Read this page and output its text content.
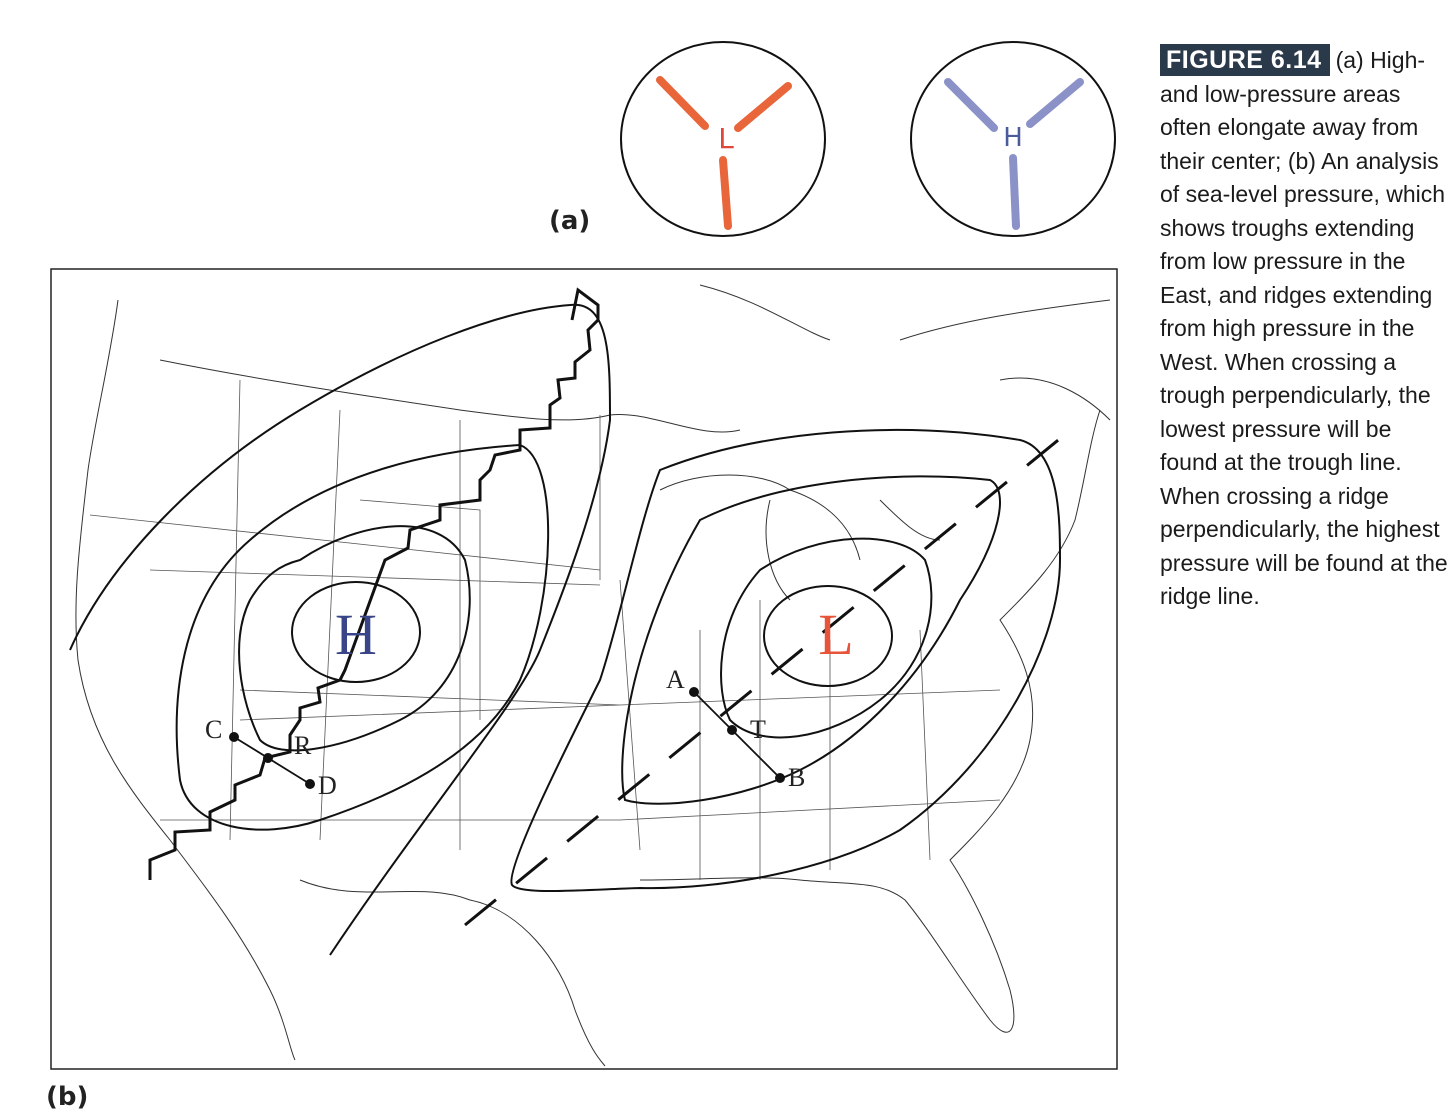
L	H
(a)
C
R
D
A
T
B
H	L
(b)
FIGURE 6.14 (a) High- and low-pressure areas often elongate away from their center; (b) An analysis of sea-level pressure, which shows troughs extending from low pressure in the East, and ridges extending from high pressure in the West. When crossing a trough perpendicularly, the lowest pressure will be found at the trough line. When crossing a ridge perpendicularly, the highest pressure will be found at the ridge line.
